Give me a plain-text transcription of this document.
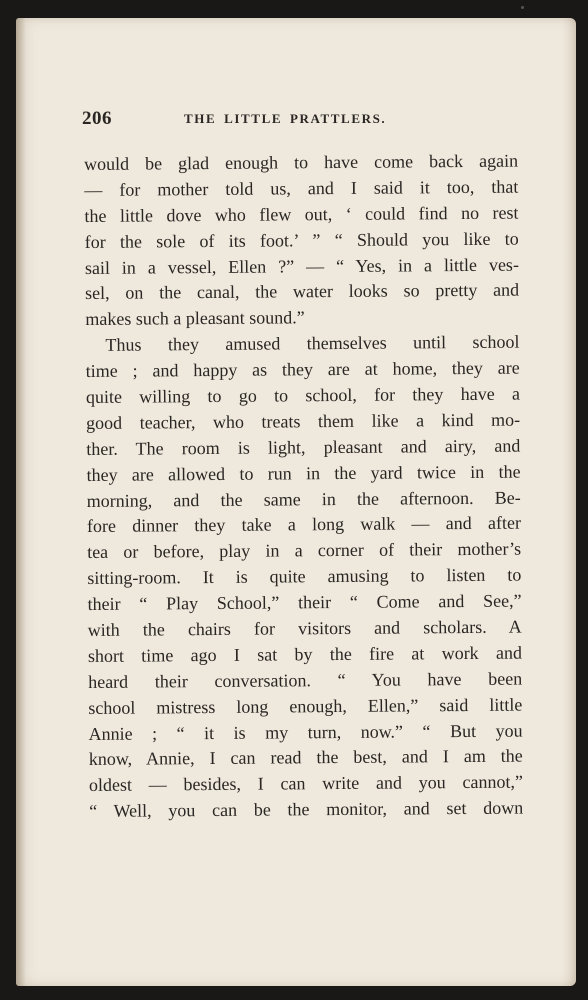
206	THE LITTLE PRATTLERS.
would be glad enough to have come back again
— for mother told us, and I said it too, that
the little dove who flew out, ‘ could find no rest
for the sole of its foot.’ ” “ Should you like to
sail in a vessel, Ellen ?” — “ Yes, in a little ves-
sel, on the canal, the water looks so pretty and
makes such a pleasant sound.”
Thus they amused themselves until school
time ; and happy as they are at home, they are
quite willing to go to school, for they have a
good teacher, who treats them like a kind mo-
ther. The room is light, pleasant and airy, and
they are allowed to run in the yard twice in the
morning, and the same in the afternoon. Be-
fore dinner they take a long walk — and after
tea or before, play in a corner of their mother’s
sitting-room. It is quite amusing to listen to
their “ Play School,” their “ Come and See,”
with the chairs for visitors and scholars. A
short time ago I sat by the fire at work and
heard their conversation. “ You have been
school mistress long enough, Ellen,” said little
Annie ; “ it is my turn, now.” “ But you
know, Annie, I can read the best, and I am the
oldest — besides, I can write and you cannot,”
“ Well, you can be the monitor, and set down
